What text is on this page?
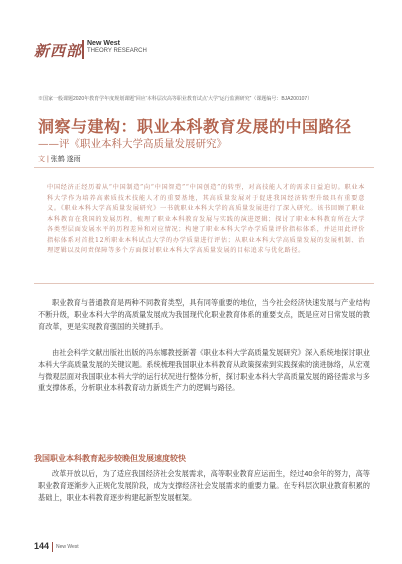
新西部 New West
THEORY RESEARCH
※国家一般课题2020年教育学年度规划课题“回应‘本科层次高等职业教育试点’大学”运行监测研究”（课题编号：BJA200107）
洞察与建构：职业本科教育发展的中国路径
——评《职业本科大学高质量发展研究》
文 | 张鹤 遂雨
中国经济正经历着从“中国制造”向“中国智造”“中国创造”的转型，对高技能人才的需求日益迫切。职业本科大学作为培养高素质技术技能人才的重要基地，其高质量发展对于促进我国经济转型升级具有重要意义。《职业本科大学高质量发展研究》一书就职业本科大学的高质量发展进行了深入研究。该书回顾了职业本科教育在我国的发展历程，梳理了职业本科教育发展与实践的演进逻辑；探讨了职业本科教育所在大学各类型层面发展水平的历程差异和对应情况；构建了职业本科大学办学质量评价指标体系，并运用此评价指标体系对首批12所职业本科试点大学的办学质量进行评估；从职业本科大学高质量发展的发展机制、治理逻辑以及问责保障等多个方面探讨职业本科大学高质量发展的目标追求与优化路径。
职业教育与普通教育是两种不同教育类型，具有同等重要的地位，当今社会经济快速发展与产业结构不断升级，职业本科大学的高质量发展成为我国现代化职业教育体系的重要支点，既是应对日常发展的教育改革，更是实现教育强国的关键抓手。
由社会科学文献出版社出版的冯东娜教授新著《职业本科大学高质量发展研究》深入系统地探讨职业本科大学高质量发展的关键议题。系统梳理我国职业本科教育从政策探索到实践探索的演进脉络，从宏观与微观层面对我国职业本科大学的运行状况进行整体分析，探讨职业本科大学高质量发展的路径需求与多重支撑体系，分析职业本科教育动力新质生产力的逻辑与路径。
我国职业本科教育起步较晚但发展速度较快
改革开放以后，为了适应我国经济社会发展需求，高等职业教育应运而生，经过40余年的努力，高等职业教育逐渐步入正规化发展阶段，成为支撑经济社会发展需求的重要力量。在专科层次职业教育积累的基础上，职业本科教育逐步构建起新型发展框架。
144 New West
